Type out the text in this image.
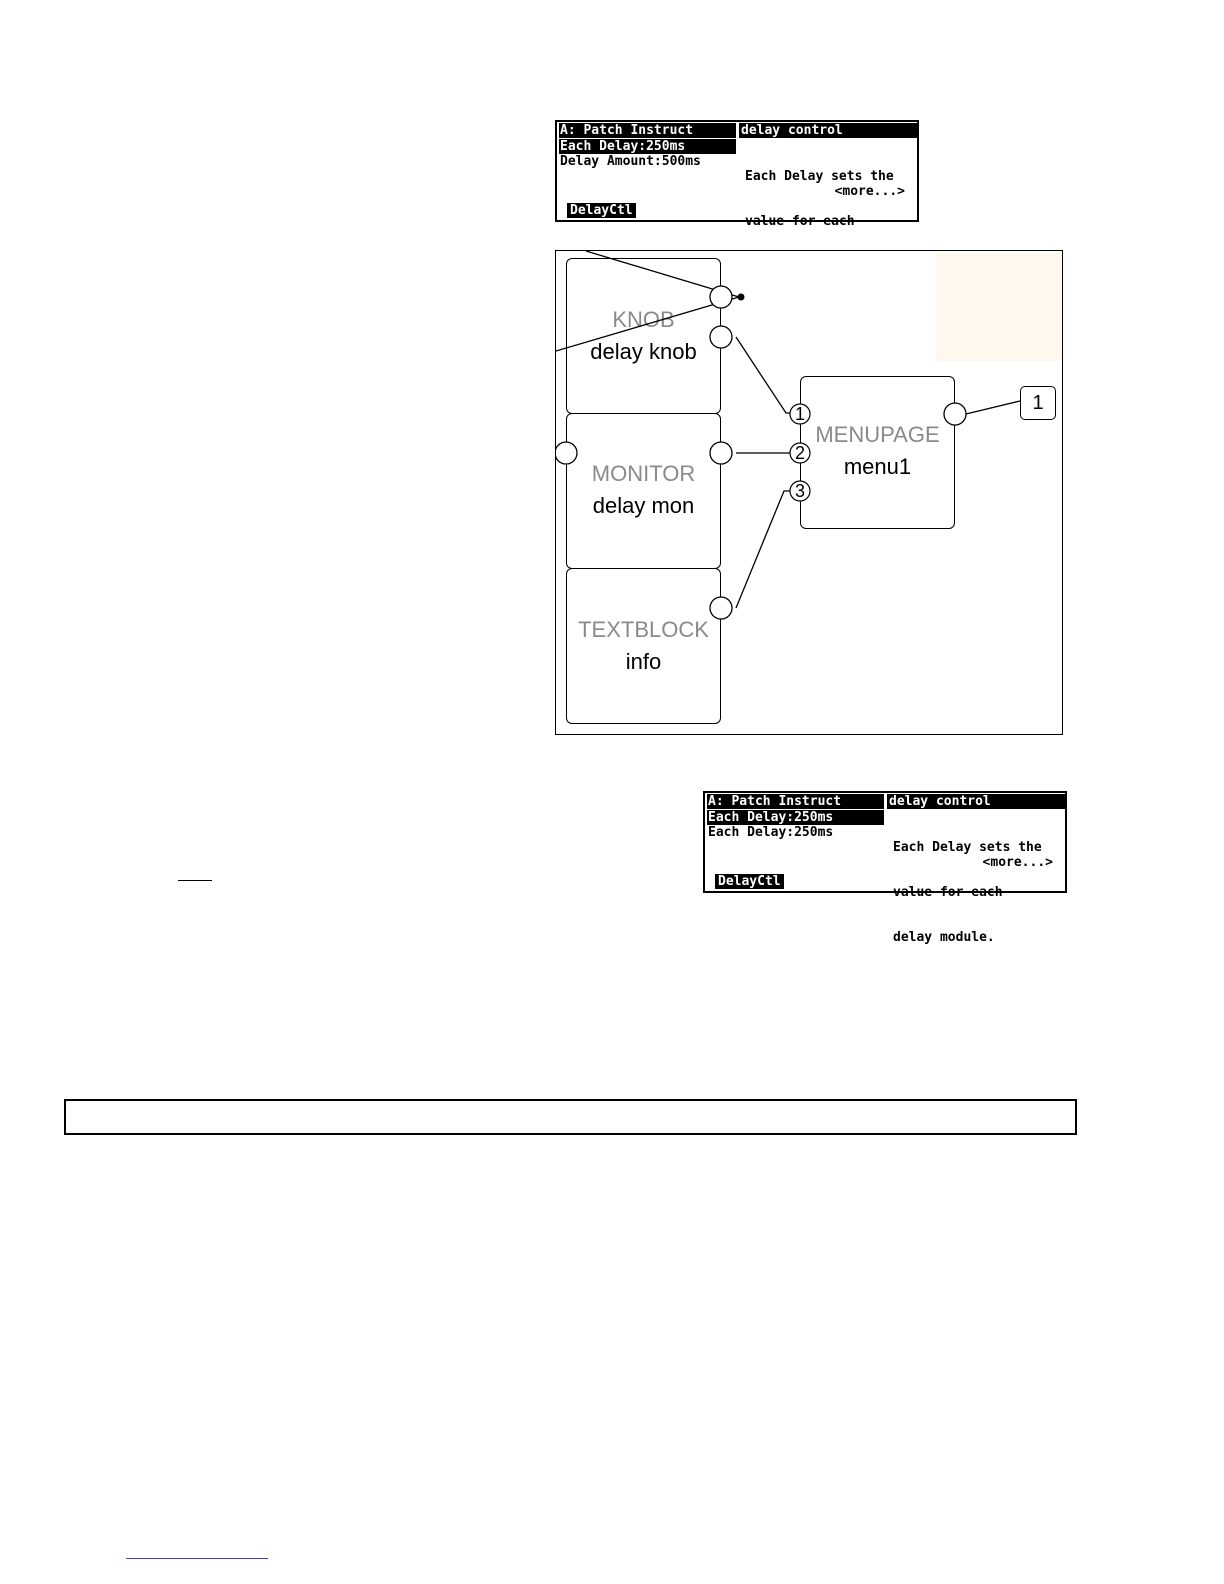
A: Patch Instruct	delay control
Each Delay:250ms
Delay Amount:500ms

Each Delay sets the

value for each

<more...>
DelayCtl
KNOB
delay knob
MONITOR
delay mon
TEXTBLOCK
info
MENUPAGE
menu1
1
2
3
1
A: Patch Instruct	delay control
Each Delay:250ms
Each Delay:250ms

Each Delay sets the

value for each

delay module.

<more...>
DelayCtl
